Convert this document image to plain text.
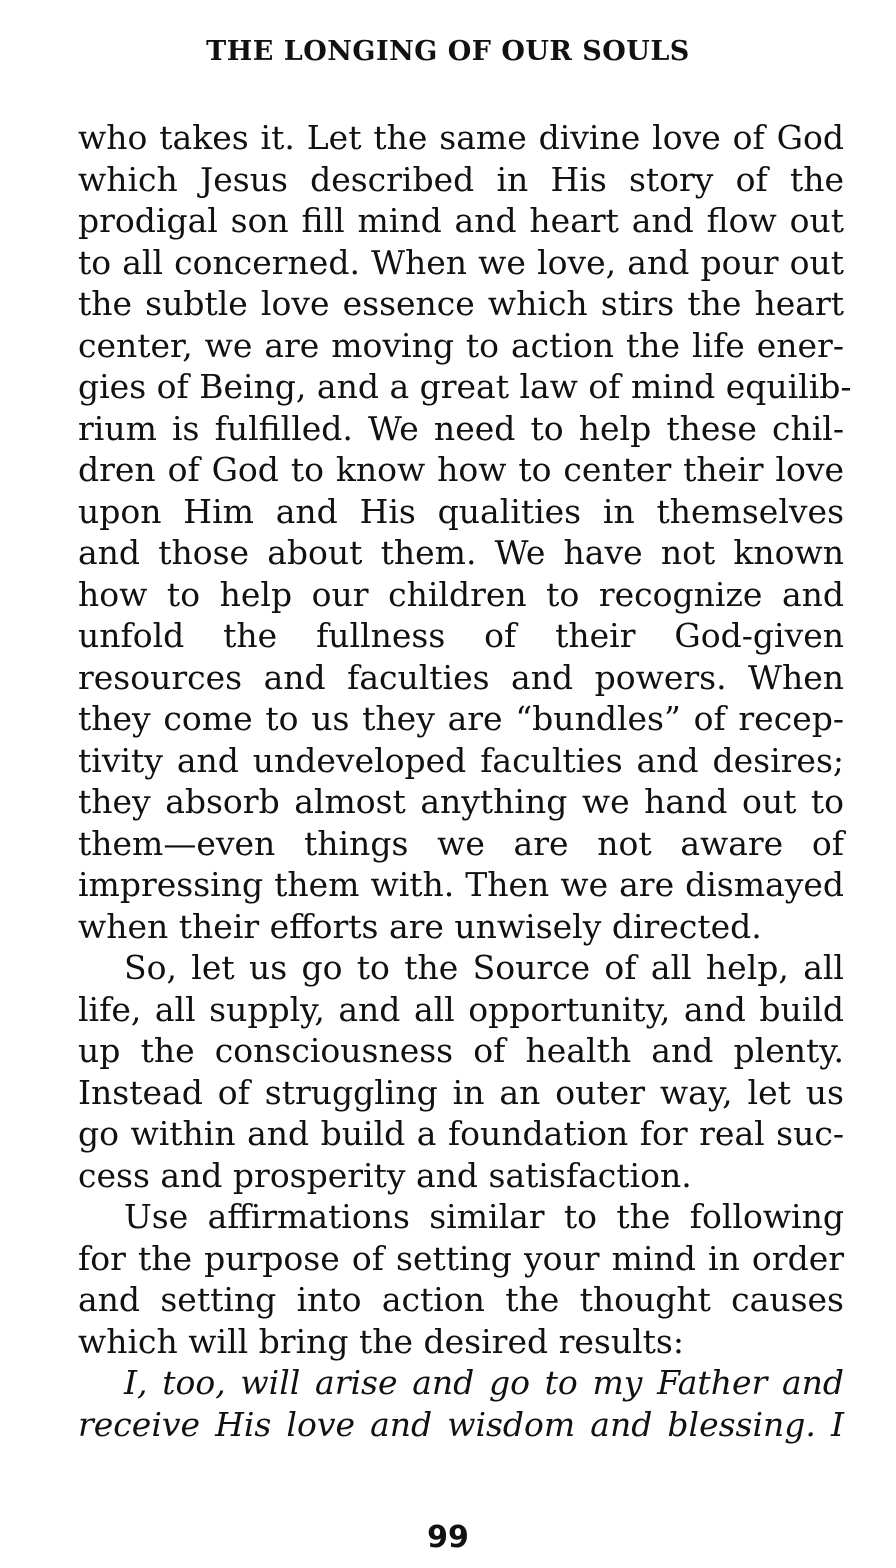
THE LONGING OF OUR SOULS
who takes it. Let the same divine love of God
which Jesus described in His story of the
prodigal son fill mind and heart and flow out
to all concerned. When we love, and pour out
the subtle love essence which stirs the heart
center, we are moving to action the life ener-
gies of Being, and a great law of mind equilib-
rium is fulfilled. We need to help these chil-
dren of God to know how to center their love
upon Him and His qualities in themselves
and those about them. We have not known
how to help our children to recognize and
unfold the fullness of their God-given
resources and faculties and powers. When
they come to us they are “bundles” of recep-
tivity and undeveloped faculties and desires;
they absorb almost anything we hand out to
them—even things we are not aware of
impressing them with. Then we are dismayed
when their efforts are unwisely directed.
So, let us go to the Source of all help, all
life, all supply, and all opportunity, and build
up the consciousness of health and plenty.
Instead of struggling in an outer way, let us
go within and build a foundation for real suc-
cess and prosperity and satisfaction.
Use affirmations similar to the following
for the purpose of setting your mind in order
and setting into action the thought causes
which will bring the desired results:
I, too, will arise and go to my Father and
receive His love and wisdom and blessing. I
99
